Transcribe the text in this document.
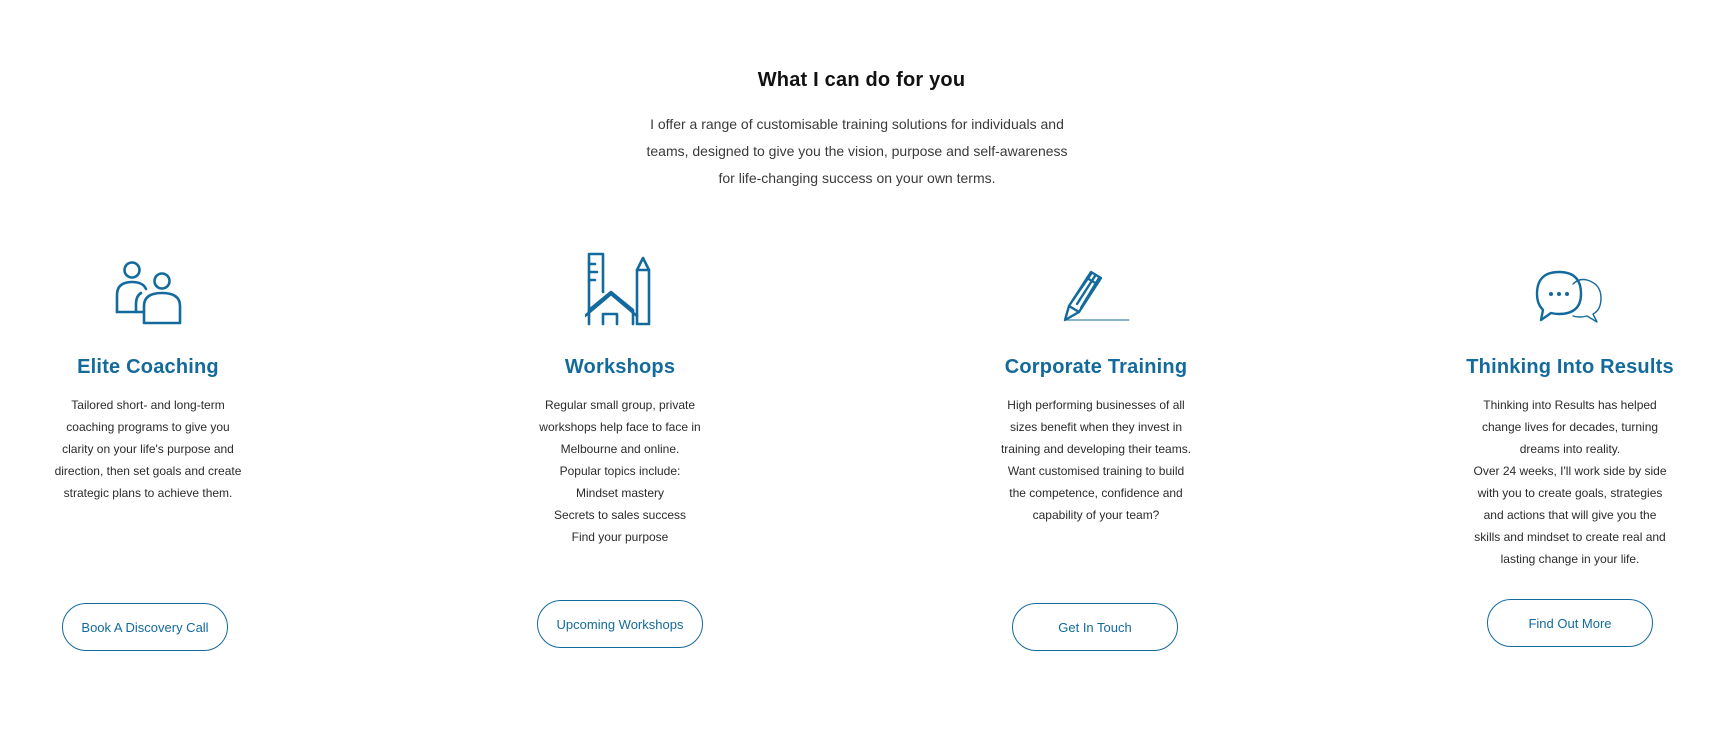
What I can do for you
I offer a range of customisable training solutions for individuals and
teams, designed to give you the vision, purpose and self-awareness
for life-changing success on your own terms.
Elite Coaching
Tailored short- and long-term
coaching programs to give you
clarity on your life's purpose and
direction, then set goals and create
strategic plans to achieve them.
Workshops
Regular small group, private
workshops help face to face in
Melbourne and online.
Popular topics include:
Mindset mastery
Secrets to sales success
Find your purpose
Corporate Training
High performing businesses of all
sizes benefit when they invest in
training and developing their teams.
Want customised training to build
the competence, confidence and
capability of your team?
Thinking Into Results
Thinking into Results has helped
change lives for decades, turning
dreams into reality.
Over 24 weeks, I'll work side by side
with you to create goals, strategies
and actions that will give you the
skills and mindset to create real and
lasting change in your life.
Book A Discovery Call	Upcoming Workshops	Get In Touch	Find Out More
